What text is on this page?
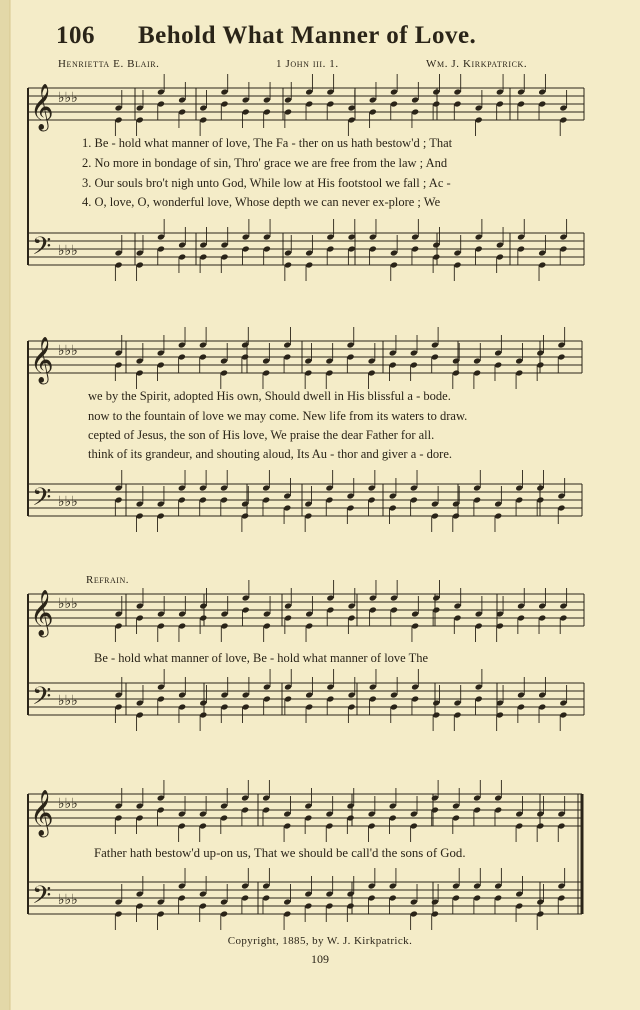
106 Behold What Manner of Love.
Henrietta E. Blair.	1 John iii. 1.	Wm. J. Kirkpatrick.
𝄞
𝄢
♭♭♭
♭♭♭
𝄞
𝄢
♭♭♭
♭♭♭
𝄞
𝄢
♭♭♭
♭♭♭
𝄞
𝄢
♭♭♭
♭♭♭
1. Be - hold what manner of love, The Fa - ther on us hath bestow'd ; That
2. No more in bondage of sin, Thro' grace we are free from the law ; And
3. Our souls bro't nigh unto God, While low at His footstool we fall ; Ac -
4. O, love, O, wonderful love, Whose depth we can never ex-plore ; We
we by the Spirit, adopted His own, Should dwell in His blissful a - bode.
now to the fountain of love we may come. New life from its waters to draw.
cepted of Jesus, the son of His love, We praise the dear Father for all.
think of its grandeur, and shouting aloud, Its Au - thor and giver a - dore.
Refrain.
Be - hold what manner of love, Be - hold what manner of love The
Father hath bestow'd up-on us, That we should be call'd the sons of God.
Copyright, 1885, by W. J. Kirkpatrick.
109
